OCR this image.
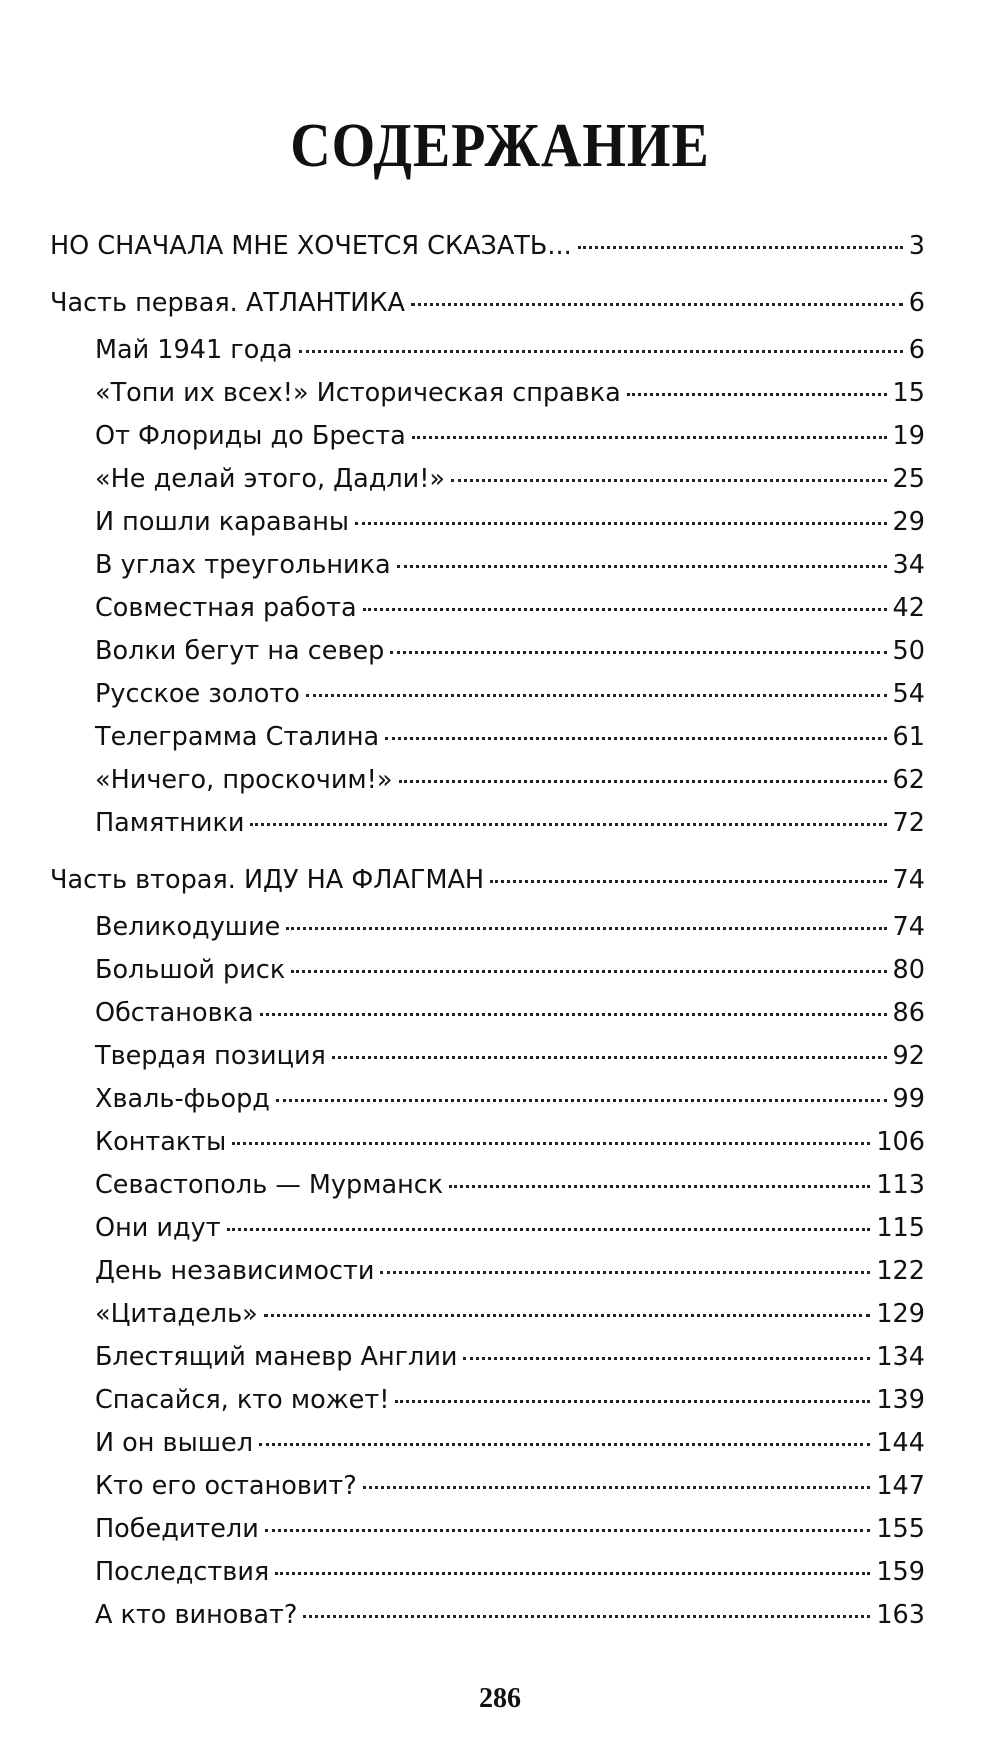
СОДЕРЖАНИЕ
НО СНАЧАЛА МНЕ ХОЧЕТСЯ СКАЗАТЬ...	3
Часть первая. АТЛАНТИКА	6
Май 1941 года	6
«Топи их всех!» Историческая справка	15
От Флориды до Бреста	19
«Не делай этого, Дадли!»	25
И пошли караваны	29
В углах треугольника	34
Совместная работа	42
Волки бегут на север	50
Русское золото	54
Телеграмма Сталина	61
«Ничего, проскочим!»	62
Памятники	72
Часть вторая. ИДУ НА ФЛАГМАН	74
Великодушие	74
Большой риск	80
Обстановка	86
Твердая позиция	92
Хваль-фьорд	99
Контакты	106
Севастополь — Мурманск	113
Они идут	115
День независимости	122
«Цитадель»	129
Блестящий маневр Англии	134
Спасайся, кто может!	139
И он вышел	144
Кто его остановит?	147
Победители	155
Последствия	159
А кто виноват?	163
286
